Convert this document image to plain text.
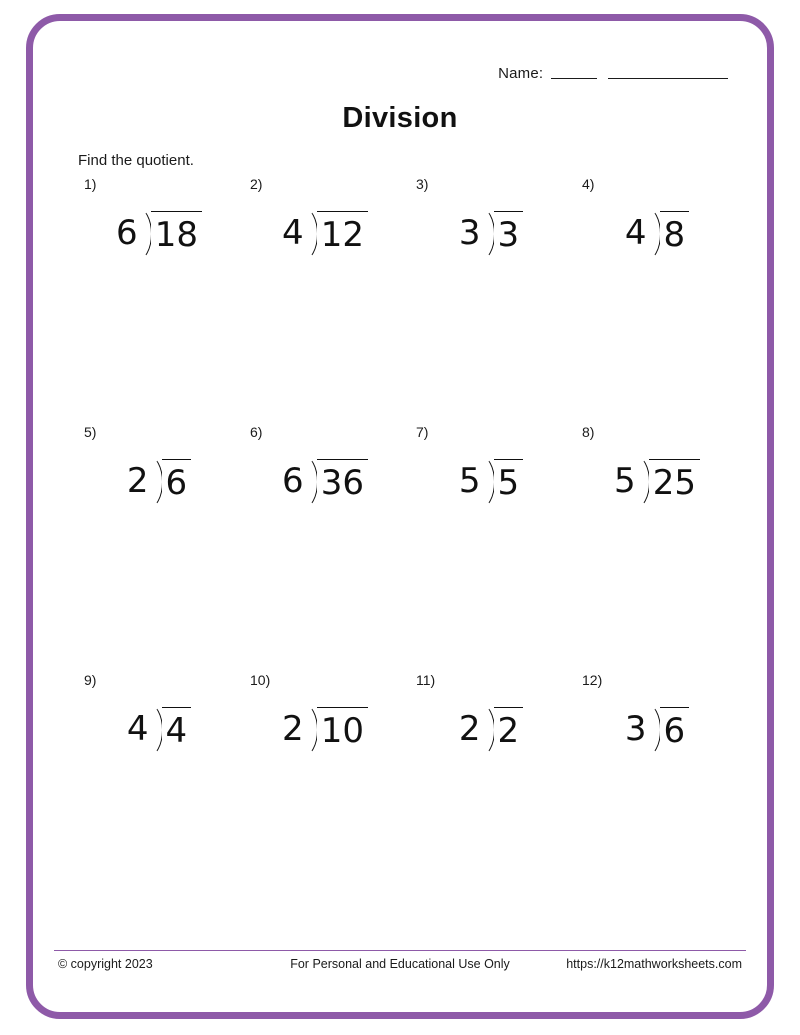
Name:
Division
Find the quotient.
1)
6 18
2)
4 12
3)
3 3
4)
4 8
5)
2 6
6)
6 36
7)
5 5
8)
5 25
9)
4 4
10)
2 10
11)
2 2
12)
3 6
© copyright 2023	For Personal and Educational Use Only	https://k12mathworksheets.com
